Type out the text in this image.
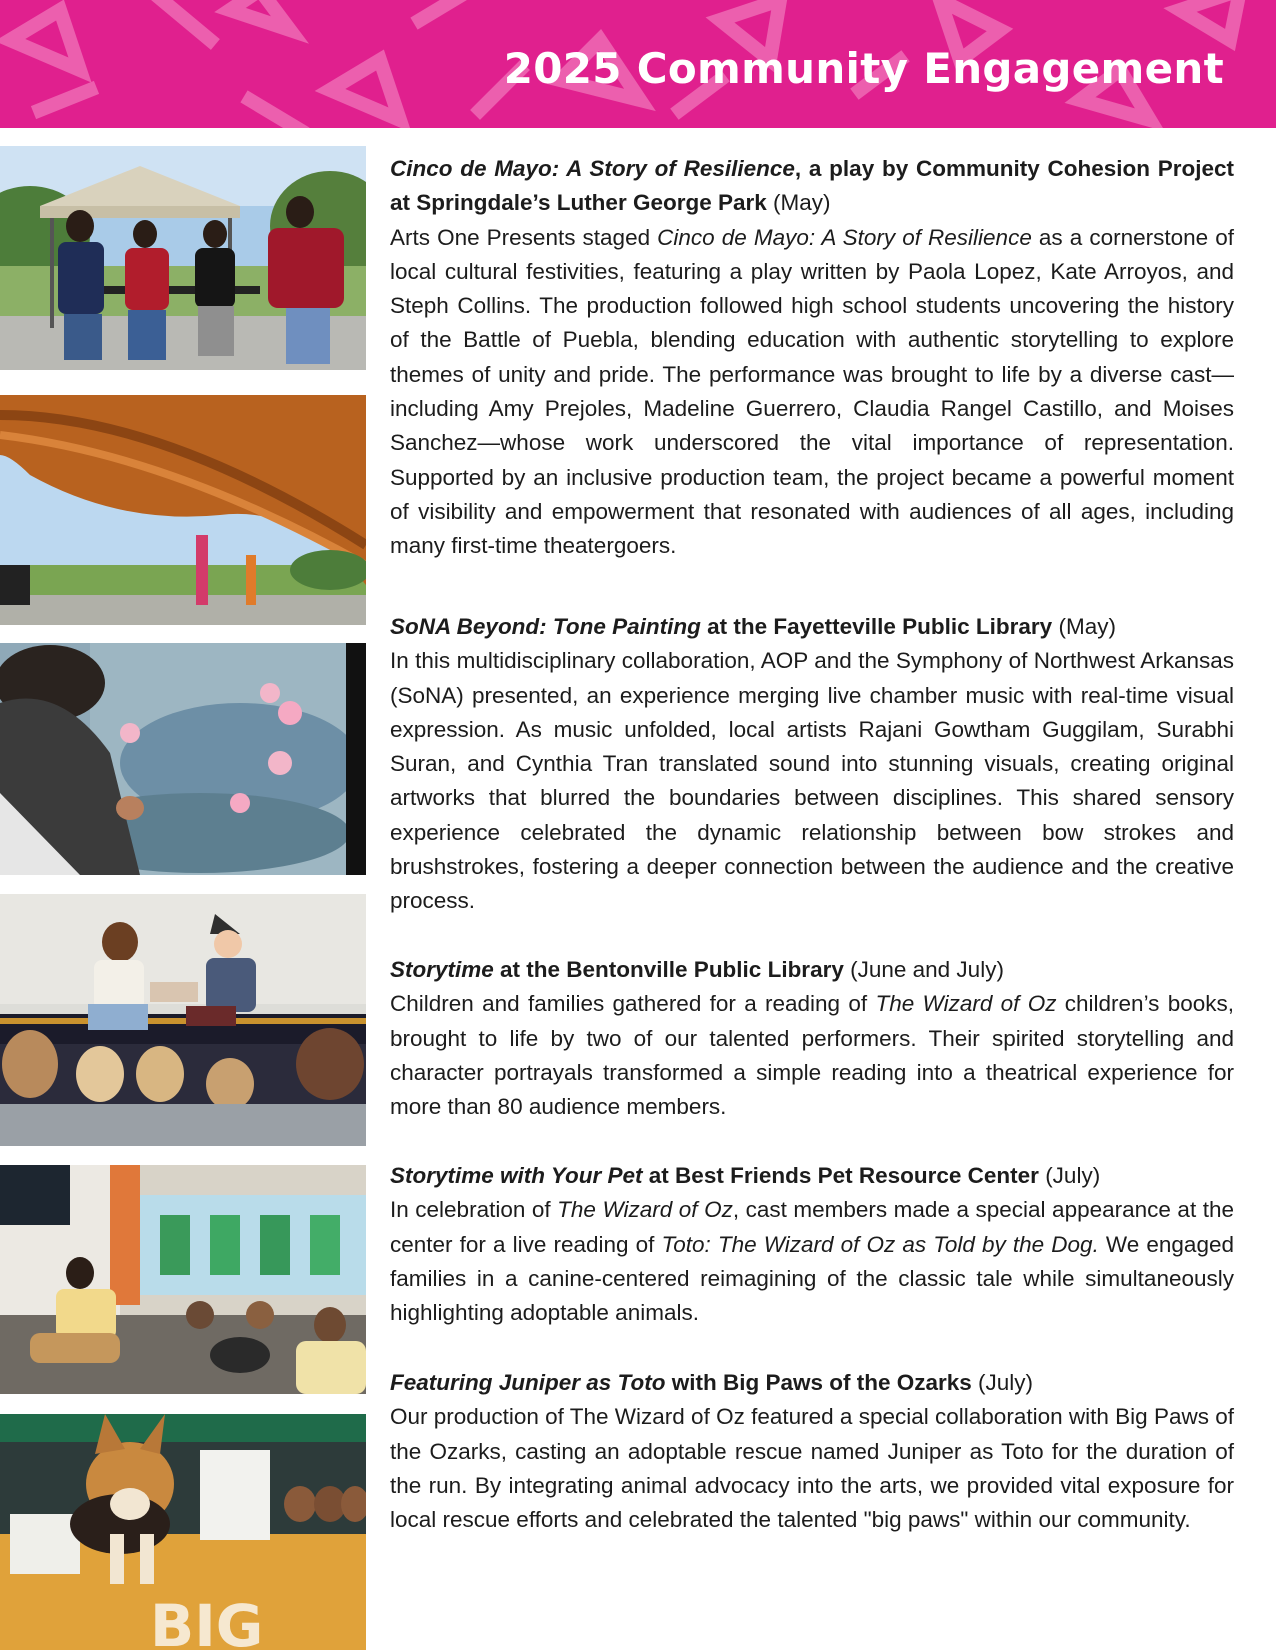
2025 Community Engagement
BIG

Cinco de Mayo: A Story of Resilience, a play by Community Cohesion Project at Springdale’s Luther George Park (May)

Arts One Presents staged Cinco de Mayo: A Story of Resilience as a cornerstone of local cultural festivities, featuring a play written by Paola Lopez, Kate Arroyos, and Steph Collins. The production followed high school students uncovering the history of the Battle of Puebla, blending education with authentic storytelling to explore themes of unity and pride. The performance was brought to life by a diverse cast—including Amy Prejoles, Madeline Guerrero, Claudia Rangel Castillo, and Moises Sanchez—whose work underscored the vital importance of representation. Supported by an inclusive production team, the project became a powerful moment of visibility and empowerment that resonated with audiences of all ages, including many first-time theatergoers.

SoNA Beyond: Tone Painting at the Fayetteville Public Library (May)

In this multidisciplinary collaboration, AOP and the Symphony of Northwest Arkansas (SoNA) presented, an experience merging live chamber music with real-time visual expression. As music unfolded, local artists Rajani Gowtham Guggilam, Surabhi Suran, and Cynthia Tran translated sound into stunning visuals, creating original artworks that blurred the boundaries between disciplines. This shared sensory experience celebrated the dynamic relationship between bow strokes and brushstrokes, fostering a deeper connection between the audience and the creative process.

Storytime at the Bentonville Public Library (June and July)

Children and families gathered for a reading of The Wizard of Oz children’s books, brought to life by two of our talented performers. Their spirited storytelling and character portrayals transformed a simple reading into a theatrical experience for more than 80 audience members.

Storytime with Your Pet at Best Friends Pet Resource Center (July)

In celebration of The Wizard of Oz, cast members made a special appearance at the center for a live reading of Toto: The Wizard of Oz as Told by the Dog. We engaged families in a canine-centered reimagining of the classic tale while simultaneously highlighting adoptable animals.

Featuring Juniper as Toto with Big Paws of the Ozarks (July)

Our production of The Wizard of Oz featured a special collaboration with Big Paws of the Ozarks, casting an adoptable rescue named Juniper as Toto for the duration of the run. By integrating animal advocacy into the arts, we provided vital exposure for local rescue efforts and celebrated the talented "big paws" within our community.
